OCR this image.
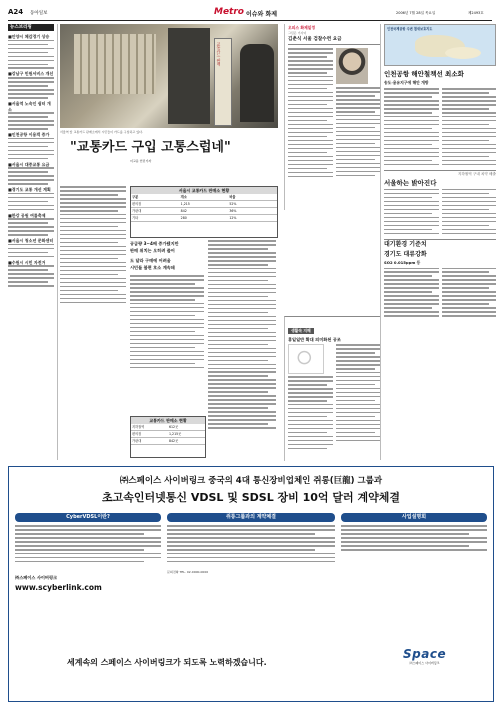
A24 동아일보	Metro 이슈와 화제	2006년 7월 28일 목요일	제2493호
뉴스브리핑
■안양시 체감경기 상승
■강남구 민원서비스 개선
■서울역 노숙인 쉼터 개소
■인천공항 이용객 증가
■서울시 대중교통 요금
■경기도 교통 개선 계획
■한강 공원 여름축제
■서울시 청소년 문화센터
■수원시 시민 자전거
교통카드 판매
서울역 앞 교통카드 판매소에서 시민들이 카드를 구입하고 있다.
"교통카드 구입 고통스럽네"
이고운 인턴기자
서울시 교통카드 판매소 현황
구분	개소	비율
편의점	1,215	52%
가판대	842	36%
기타	280	12%
공급량 3~4배 증가됐지만
판매 위치는 오히려 줄어
도 달라 구매에 어려움
시민들 불편 호소 계속돼
교통카드 판매소 현황
지하철역	612곳
편의점	1,215곳
가판대	842곳
오피스 화제일정
그림은 기사이
김춘식 서울 검찰수련 요금
생활속 지혜
휴일일반 확대 의미화된 공조
인천국제공항 주변 철새보호지도
인천공항 해안철책선 최소화
송도·용유지구에 해안 개방
지하철역 구내 치약 배출
서울하는 밝아진다
대기환경 기준치
경기도 대류강화
SO2 0.015ppm 등
㈜스페이스 사이버링크 중국의 4대 통신장비업체인 쥐롱(巨龍) 그룹과
초고속인터넷통신 VDSL 및 SDSL 장비 10억 달러 계약체결
CyberVDSL이란?
㈜스페이스 사이버링크
www.scyberlink.com
쥐롱그룹과의 계약체결
문의전화 TEL. 02-0000-0000
사업설명회
세계속의 스페이스 사이버링크가 되도록 노력하겠습니다.
Space
㈜스페이스 사이버링크
